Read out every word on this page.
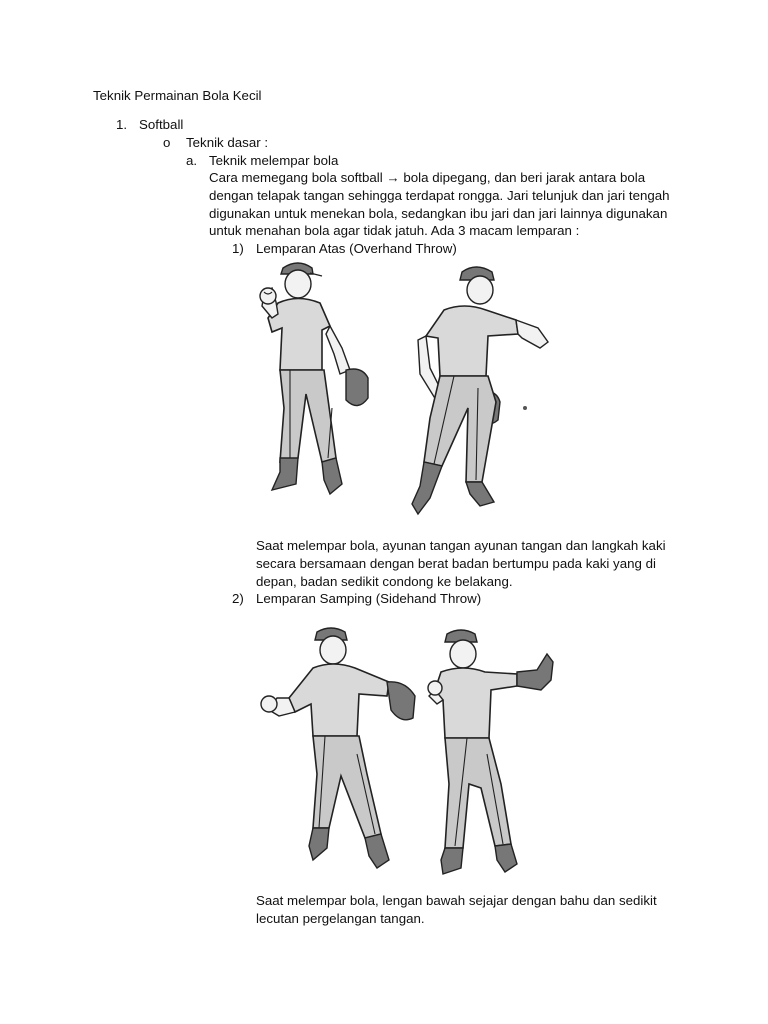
Teknik Permainan Bola Kecil
1. Softball
o Teknik dasar :
a. Teknik melempar bola
Cara memegang bola softball → bola dipegang, dan beri jarak antara bola
dengan telapak tangan sehingga terdapat rongga. Jari telunjuk dan jari tengah
digunakan untuk menekan bola, sedangkan ibu jari dan jari lainnya digunakan
untuk menahan bola agar tidak jatuh. Ada 3 macam lemparan :
1) Lemparan Atas (Overhand Throw)
Saat melempar bola, ayunan tangan ayunan tangan dan langkah kaki
secara bersamaan dengan berat badan bertumpu pada kaki yang di
depan, badan sedikit condong ke belakang.
2) Lemparan Samping (Sidehand Throw)
Saat melempar bola, lengan bawah sejajar dengan bahu dan sedikit
lecutan pergelangan tangan.
